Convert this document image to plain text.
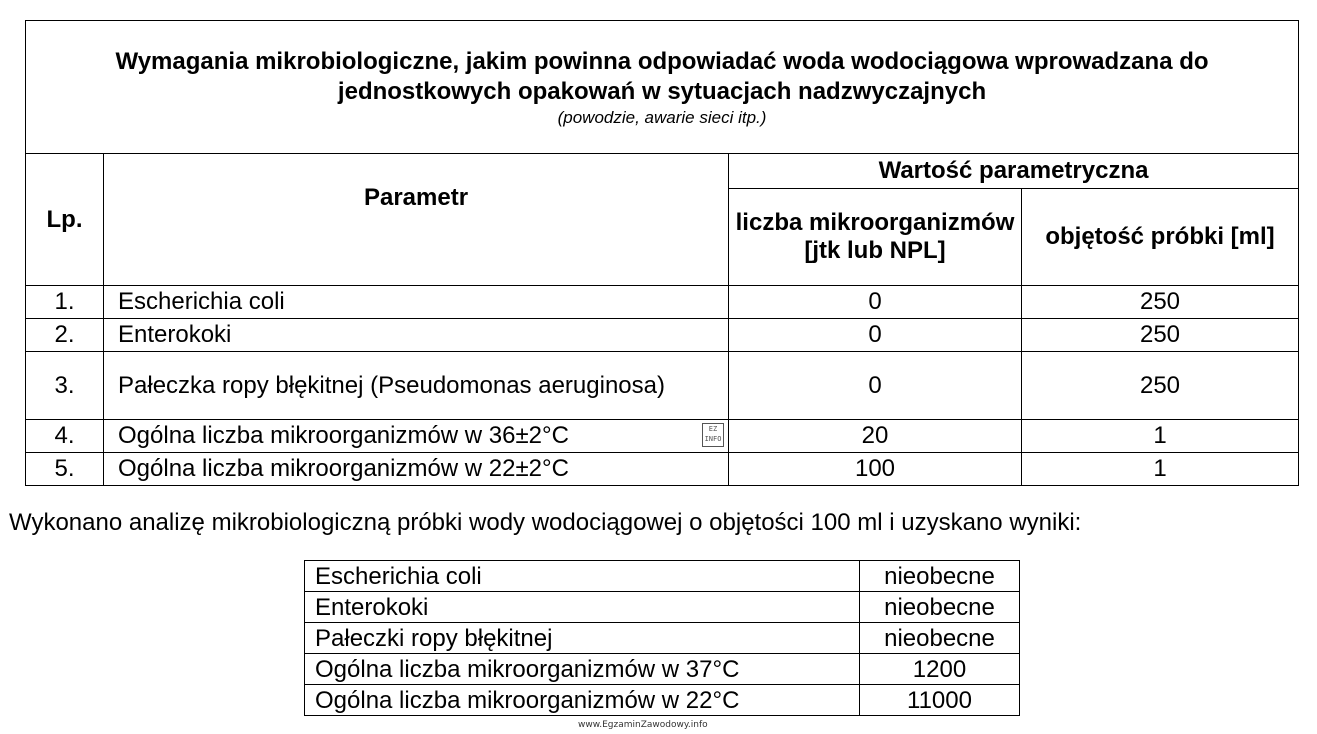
Wymagania mikrobiologiczne, jakim powinna odpowiadać woda wodociągowa wprowadzana do jednostkowych opakowań w sytuacjach nadzwyczajnych
(powodzie, awarie sieci itp.)			

Lp.	Parametr	Wartość parametryczna	
		liczba mikroorganizmów [jtk lub NPL]	objętość próbki [ml]
1.	Escherichia coli	0	250
2.	Enterokoki	0	250
3.	Pałeczka ropy błękitnej (Pseudomonas aeruginosa)	0	250
4.	Ogólna liczba mikroorganizmów w 36±2°C EZ INFO	20	1
5.	Ogólna liczba mikroorganizmów w 22±2°C	100	1
Wykonano analizę mikrobiologiczną próbki wody wodociągowej o objętości 100 ml i uzyskano wyniki:
Escherichia coli	nieobecne
Enterokoki	nieobecne
Pałeczki ropy błękitnej	nieobecne
Ogólna liczba mikroorganizmów w 37°C	1200
Ogólna liczba mikroorganizmów w 22°C	11000
www.EgzaminZawodowy.info
